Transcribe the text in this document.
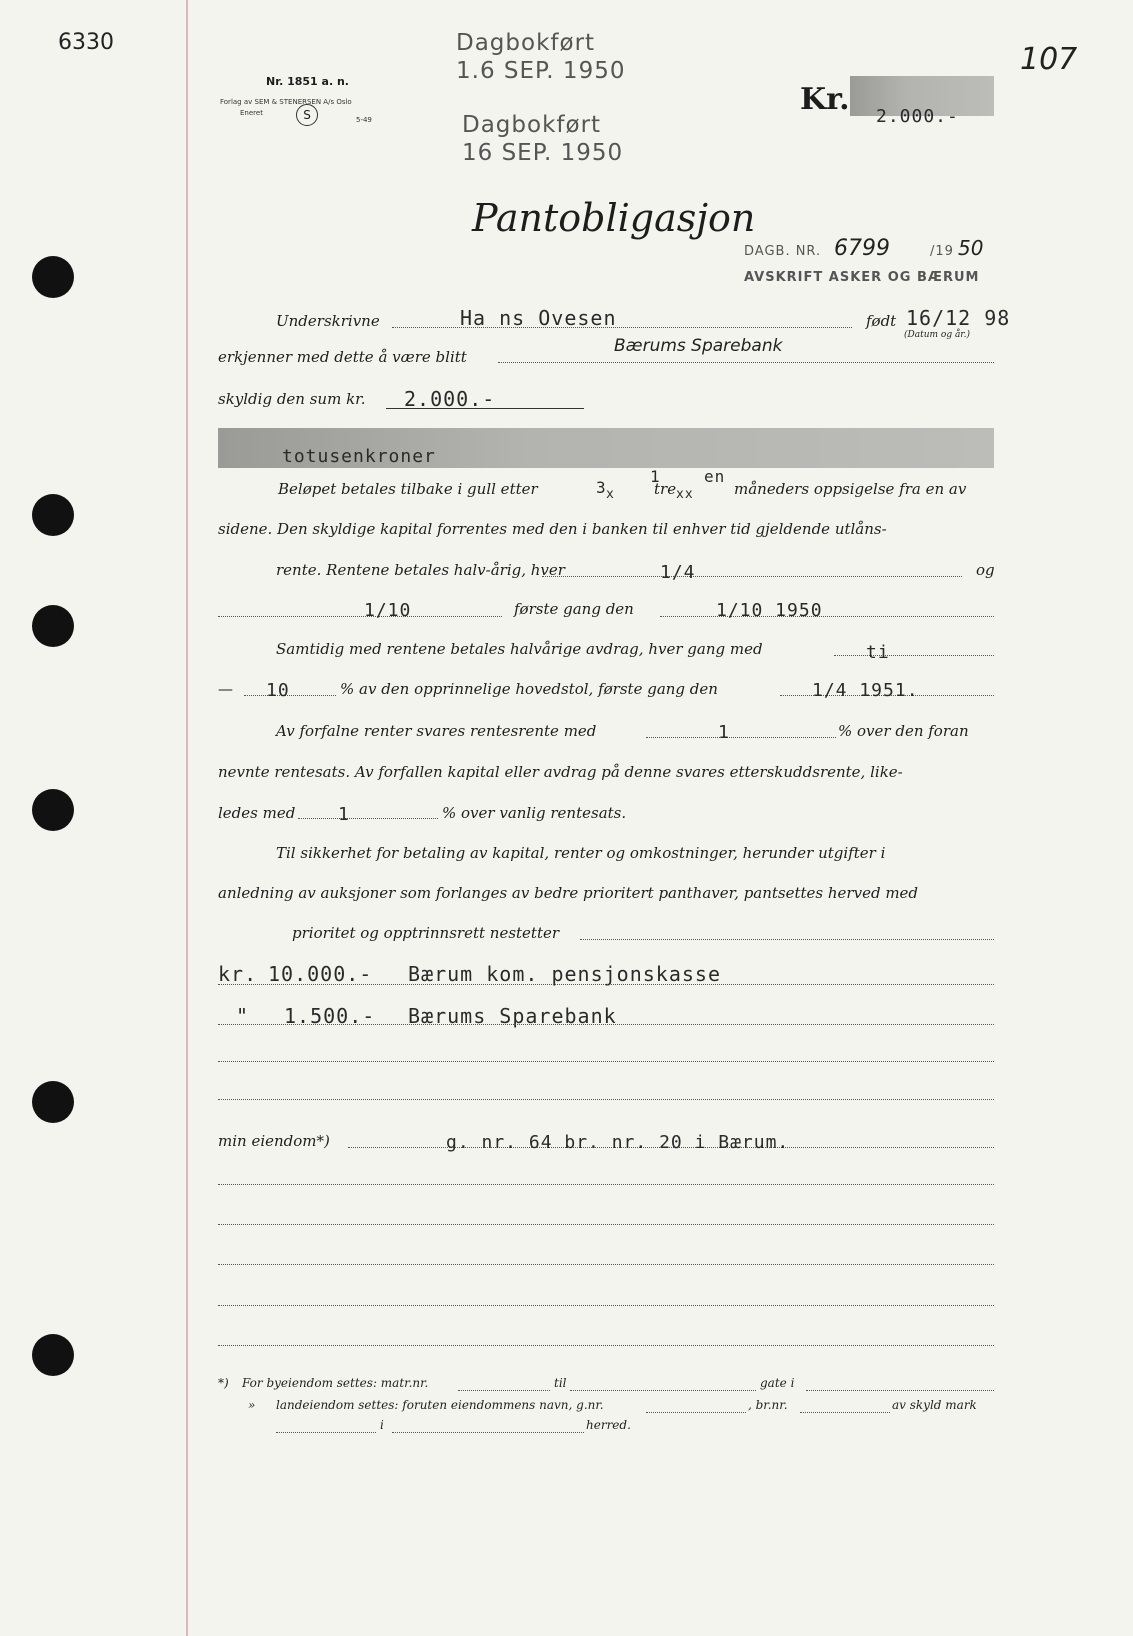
6330	107
Dagbokført
1.6 SEP. 1950
Dagbokført
16 SEP. 1950
Nr. 1851 a. n.
Forlag av SEM & STENERSEN A/s Oslo
Eneret	S	5-49
Kr. 2.000.-
Pantobligasjon
DAGB. NR. 6799	/19 50
AVSKRIFT ASKER OG BÆRUM
Underskrivne	Ha ns Ovesen	født 16/12 98
(Datum og år.)
erkjenner med dette å være blitt
Bærums Sparebank
skyldig den sum kr. 2.000.-
totusenkroner
Beløpet betales tilbake i gull etter	3 x
1
tre xx
en
måneders oppsigelse fra en av
sidene. Den skyldige kapital forrentes med den i banken til enhver tid gjeldende utlåns-
rente. Rentene betales halv-årig, hver	1/4	og
1/10	første gang den	1/10 1950
Samtidig med rentene betales halvårige avdrag, hver gang med	ti
— 10	% av den opprinnelige hovedstol, første gang den	1/4 1951.
Av forfalne renter svares rentesrente med	1	% over den foran
nevnte rentesats. Av forfallen kapital eller avdrag på denne svares etterskuddsrente, like-
ledes med 1	% over vanlig rentesats.
Til sikkerhet for betaling av kapital, renter og omkostninger, herunder utgifter i
anledning av auksjoner som forlanges av bedre prioritert panthaver, pantsettes herved med
prioritet og opptrinnsrett nestetter
kr. 10.000.- Bærum kom. pensjonskasse
" 1.500.- Bærums Sparebank
min eiendom*)	g. nr. 64 br. nr. 20 i Bærum.
*) For byeiendom settes: matr.nr.	til	gate i
» landeiendom settes: foruten eiendommens navn, g.nr.	, br.nr.	av skyld mark
i	herred.
